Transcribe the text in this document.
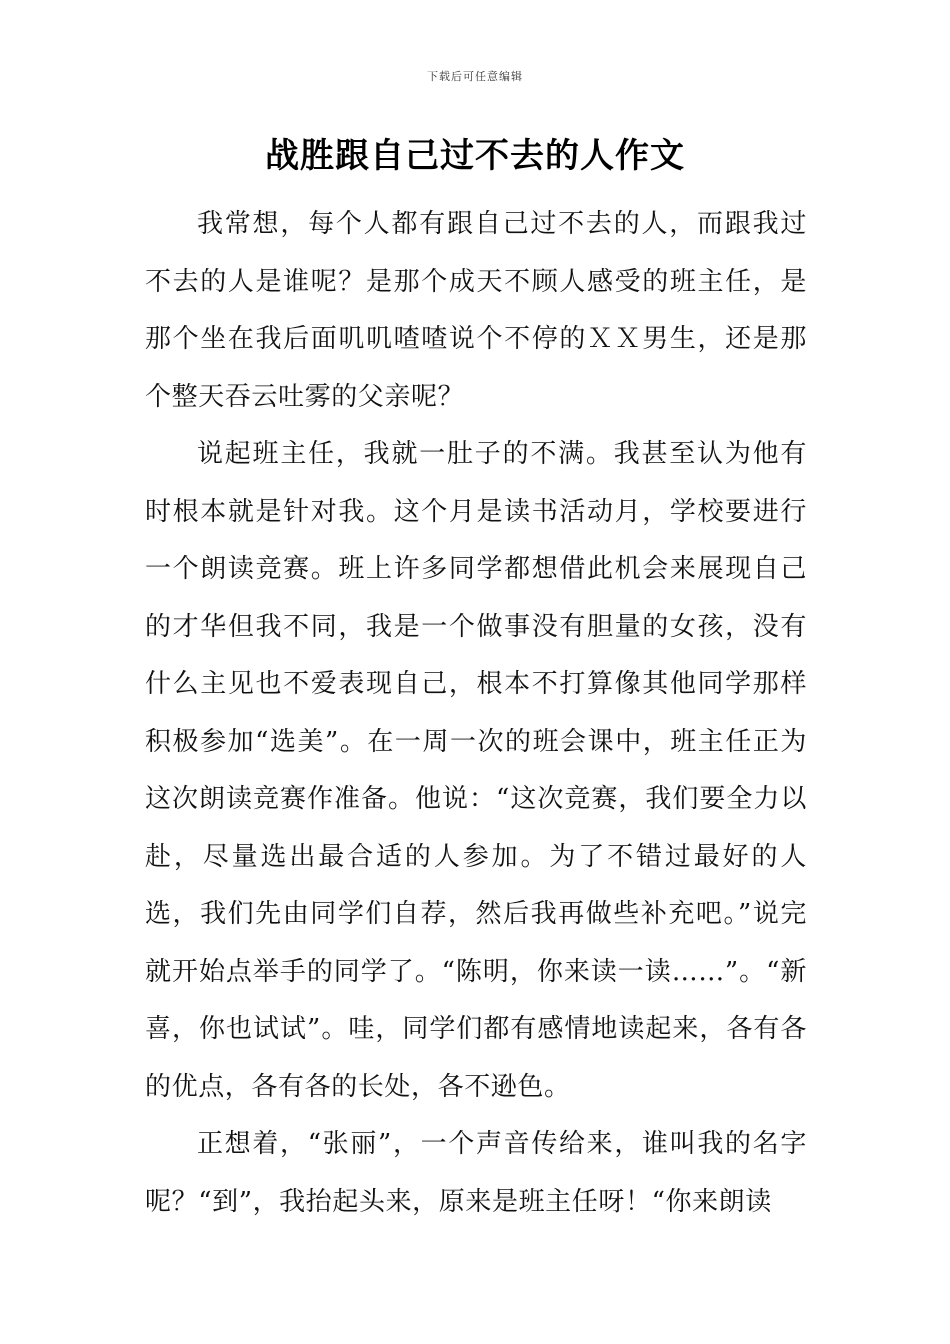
下载后可任意编辑
战胜跟自己过不去的人作文

我常想，每个人都有跟自己过不去的人，而跟我过不去的人是谁呢？是那个成天不顾人感受的班主任，是那个坐在我后面叽叽喳喳说个不停的ＸＸ男生，还是那个整天吞云吐雾的父亲呢？

说起班主任，我就一肚子的不满。我甚至认为他有时根本就是针对我。这个月是读书活动月，学校要进行一个朗读竞赛。班上许多同学都想借此机会来展现自己的才华但我不同，我是一个做事没有胆量的女孩，没有什么主见也不爱表现自己，根本不打算像其他同学那样积极参加“选美”。在一周一次的班会课中，班主任正为这次朗读竞赛作准备。他说：“这次竞赛，我们要全力以赴，尽量选出最合适的人参加。为了不错过最好的人选，我们先由同学们自荐，然后我再做些补充吧。”说完就开始点举手的同学了。“陈明，你来读一读……”。“新喜，你也试试”。哇，同学们都有感情地读起来，各有各的优点，各有各的长处，各不逊色。

正想着，“张丽”，一个声音传给来，谁叫我的名字呢？“到”，我抬起头来，原来是班主任呀！“你来朗读
